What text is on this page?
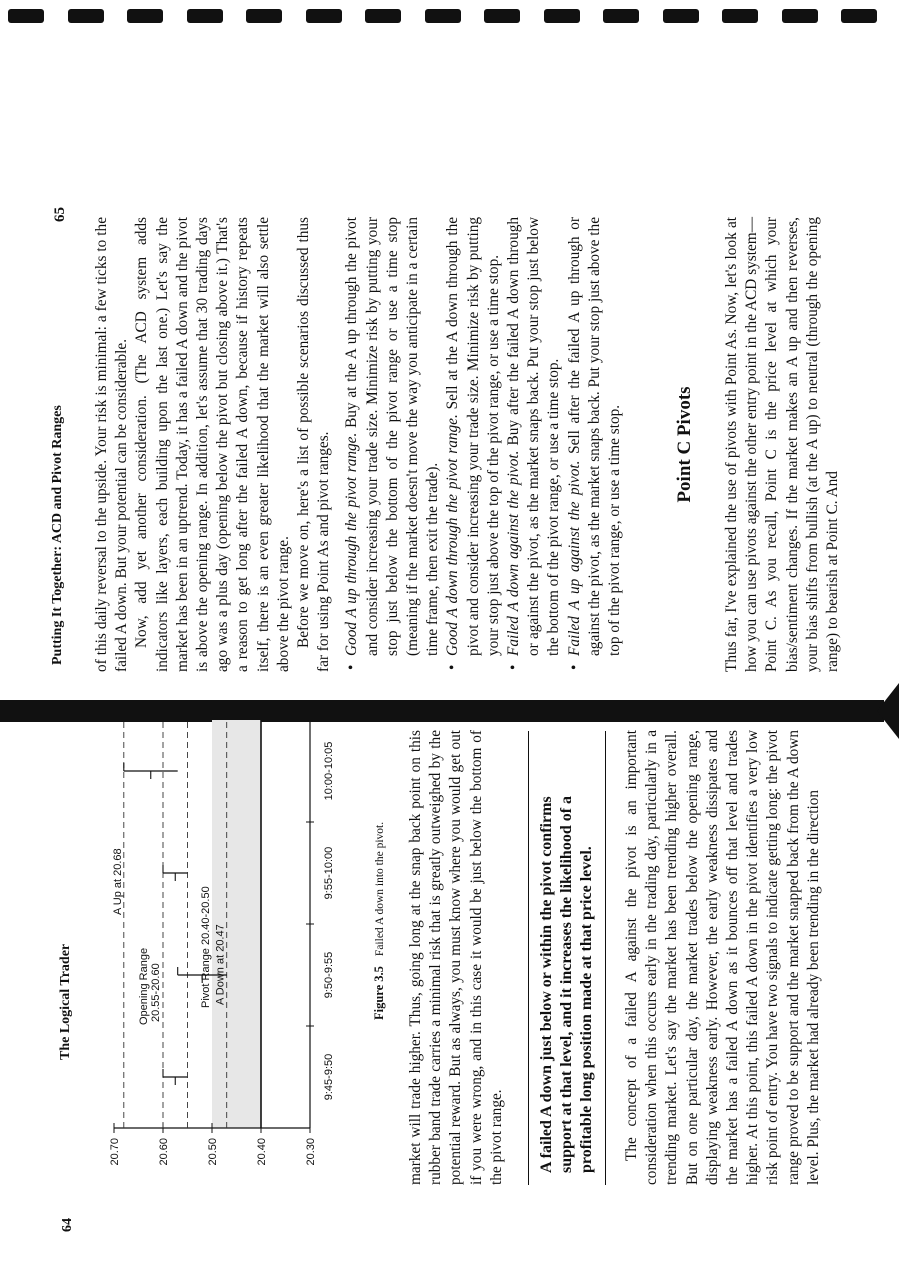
64
The Logical Trader
20.70	20.60	20.50	20.40	20.30
9:45-9:50
9:50-9:55
9:55-10:00
10:00-10:05
A Up at 20.68
Opening Range 20.55-20.60	A Down at 20.47
Pivot Range 20.40-20.50	Figure 3.5Failed A down into the pivot. market will trade higher. Thus, going long at the snap back point on this rubber band trade carries a minimal risk that is greatly outweighed by the potential reward. But as always, you must know where you would get out if you were wrong, and in this case it would be just below the bottom of the pivot range.	A failed A down just below or within the pivot confirms support at that level, and it increases the likelihood of a profitable long position made at that price level.	The concept of a failed A against the pivot is an important consideration when this occurs early in the trading day, particularly in a trending market. Let's say the market has been trending higher overall. But on one particular day, the market trades below the opening range, displaying weakness early. However, the early weakness dissipates and the market has a failed A down as it bounces off that level and trades higher. At this point, this failed A down in the pivot identifies a very low risk point of entry. You have two signals to indicate getting long: the pivot range proved to be support and the market snapped back from the A down level. Plus, the market had already been trending in the direction

Putting It Together: ACD and Pivot Ranges
65

of this daily reversal to the upside. Your risk is minimal: a few ticks to the failed A down. But your potential can be considerable. Now, add yet another consideration. (The ACD system adds indicators like layers, each building upon the last one.) Let's say the market has been in an uptrend. Today, it has a failed A down and the pivot is above the opening range. In addition, let's assume that 30 trading days ago was a plus day (opening below the pivot but closing above it.) That's a reason to get long after the failed A down, because if history repeats itself, there is an even greater likelihood that the market will also settle above the pivot range. Before we move on, here's a list of possible scenarios discussed thus far for using Point As and pivot ranges. • Good A up through the pivot range. Buy at the A up through the pivot and consider increasing your trade size. Minimize risk by putting your stop just below the bottom of the pivot range or use a time stop (meaning if the market doesn't move the way you anticipate in a certain time frame, then exit the trade). • Good A down through the pivot range. Sell at the A down through the pivot and consider increasing your trade size. Minimize risk by putting your stop just above the top of the pivot range, or use a time stop. • Failed A down against the pivot. Buy after the failed A down through or against the pivot, as the market snaps back. Put your stop just below the bottom of the pivot range, or use a time stop. • Failed A up against the pivot. Sell after the failed A up through or against the pivot, as the market snaps back. Put your stop just above the top of the pivot range, or use a time stop.	Point C Pivots Thus far, I've explained the use of pivots with Point As. Now, let's look at how you can use pivots against the other entry point in the ACD system—Point C. As you recall, Point C is the price level at which your bias/sentiment changes. If the market makes an A up and then reverses, your bias shifts from bullish (at the A up) to neutral (through the opening range) to bearish at Point C. And
